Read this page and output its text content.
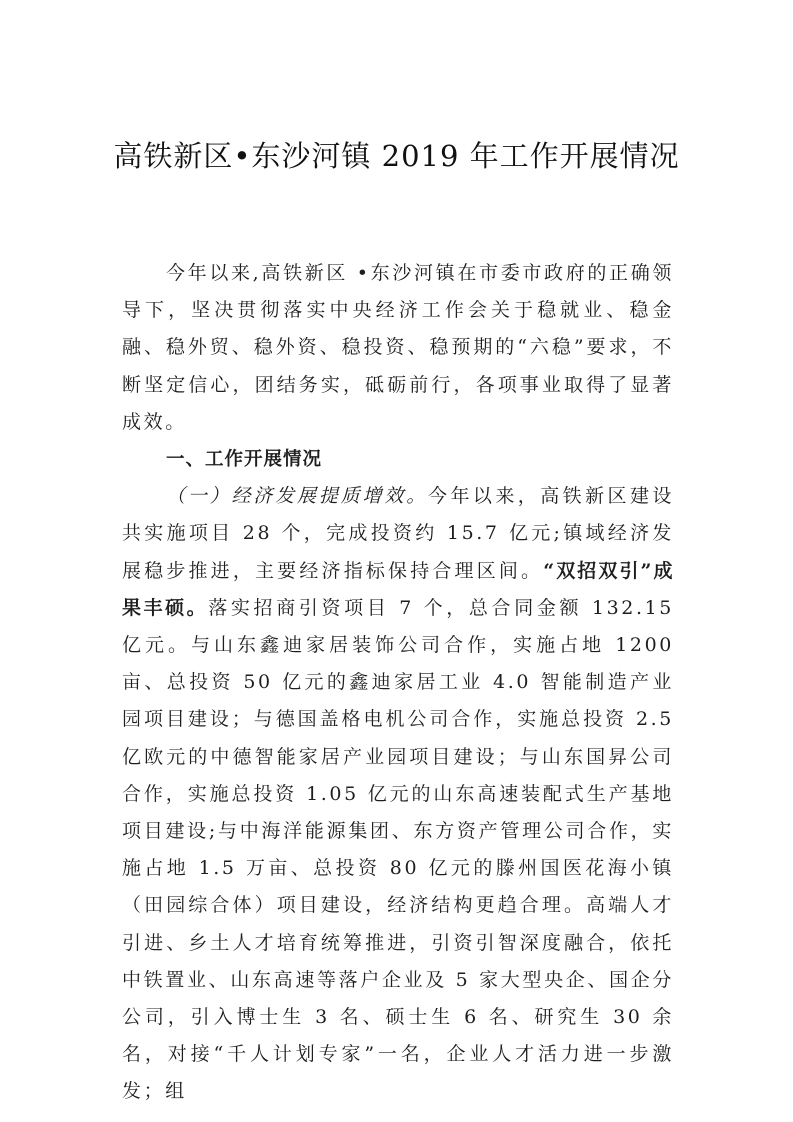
高铁新区•东沙河镇 2019 年工作开展情况

今年以来,高铁新区 •东沙河镇在市委市政府的正确领导下，坚决贯彻落实中央经济工作会关于稳就业、稳金融、稳外贸、稳外资、稳投资、稳预期的“六稳”要求，不断坚定信心，团结务实，砥砺前行，各项事业取得了显著成效。

一、工作开展情况

（一）经济发展提质增效。今年以来，高铁新区建设共实施项目 28 个，完成投资约 15.7 亿元;镇域经济发展稳步推进，主要经济指标保持合理区间。“双招双引”成果丰硕。落实招商引资项目 7 个，总合同金额 132.15 亿元。与山东鑫迪家居装饰公司合作，实施占地 1200 亩、总投资 50 亿元的鑫迪家居工业 4.0 智能制造产业园项目建设；与德国盖格电机公司合作，实施总投资 2.5 亿欧元的中德智能家居产业园项目建设；与山东国昇公司合作，实施总投资 1.05 亿元的山东高速装配式生产基地项目建设;与中海洋能源集团、东方资产管理公司合作，实施占地 1.5 万亩、总投资 80 亿元的滕州国医花海小镇（田园综合体）项目建设，经济结构更趋合理。高端人才引进、乡土人才培育统筹推进，引资引智深度融合，依托中铁置业、山东高速等落户企业及 5 家大型央企、国企分公司，引入博士生 3 名、硕士生 6 名、研究生 30 余名，对接“千人计划专家”一名，企业人才活力进一步激发；组
